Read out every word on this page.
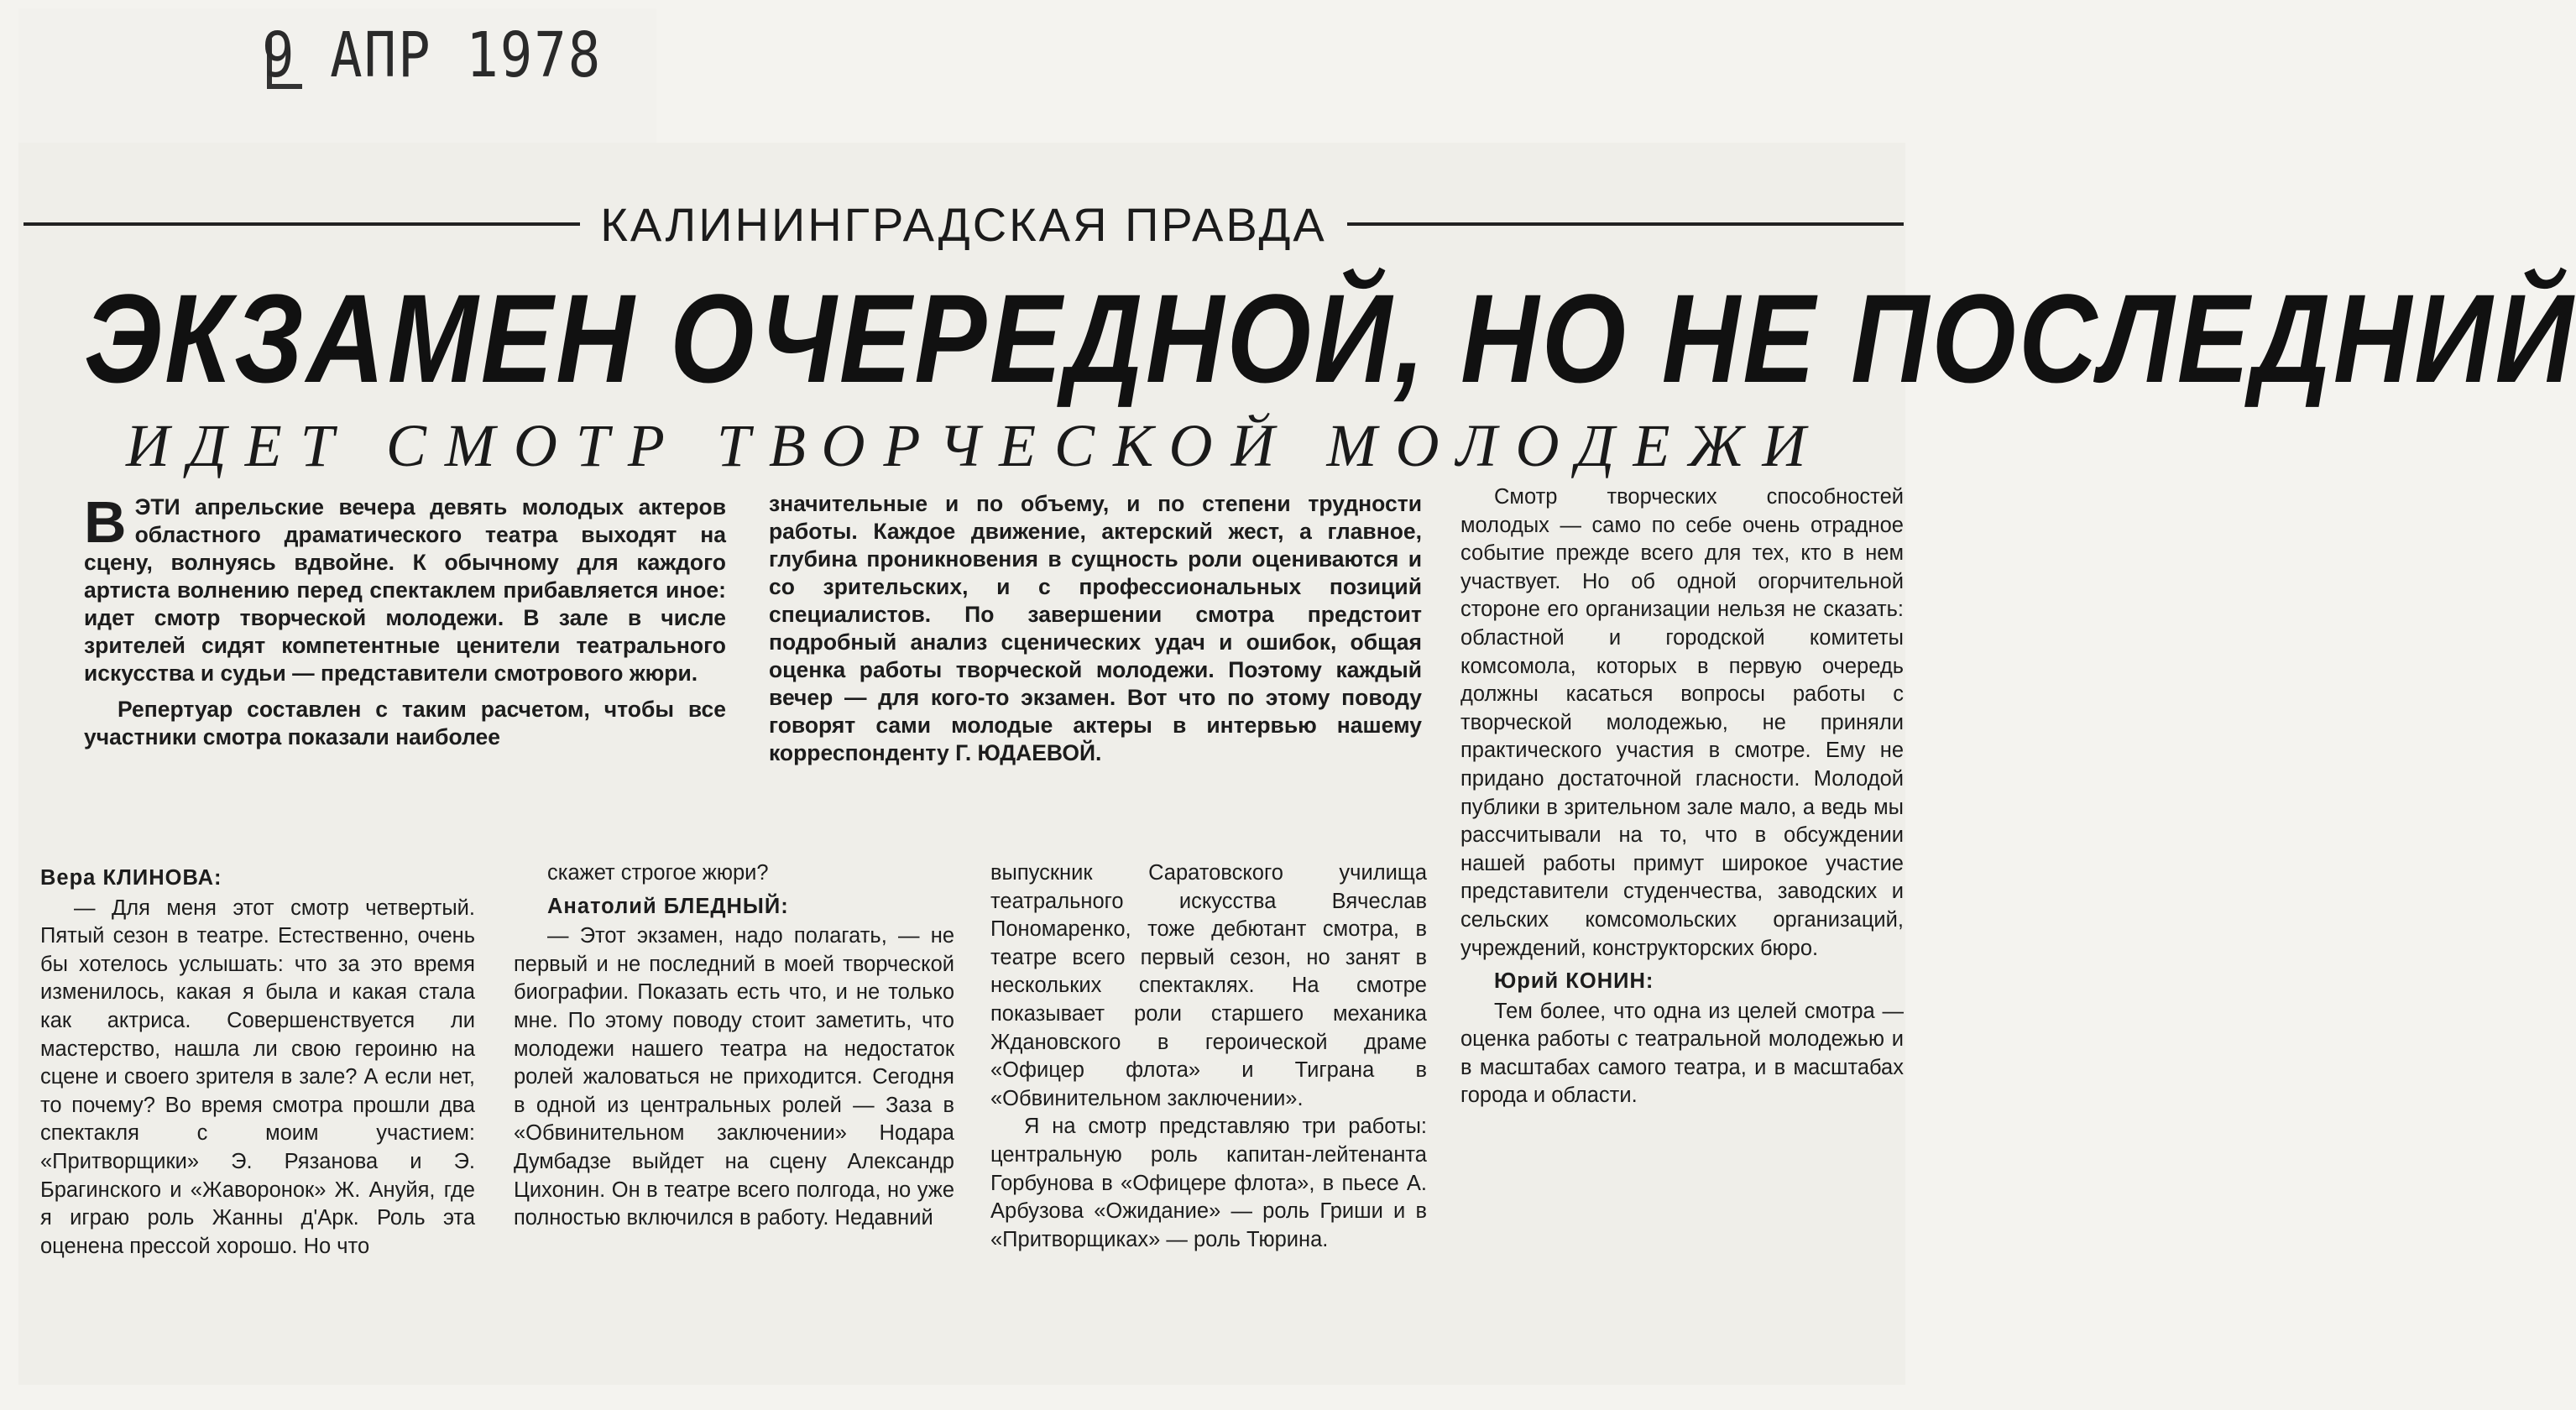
9 АПР 1978
КАЛИНИНГРАДСКАЯ ПРАВДА
ЭКЗАМЕН ОЧЕРЕДНОЙ, НО НЕ ПОСЛЕДНИЙ
ИДЕТ СМОТР ТВОРЧЕСКОЙ МОЛОДЕЖИ

ВЭТИ апрельские вечера девять молодых актеров областного драматического театра выходят на сцену, волнуясь вдвойне. К обычному для каждого артиста волнению перед спектаклем прибавляется иное: идет смотр творческой молодежи. В зале в числе зрителей сидят компетентные ценители театрального искусства и судьи — представители смотрового жюри.

Репертуар составлен с таким расчетом, чтобы все участники смотра показали наиболее

значительные и по объему, и по степени трудности работы. Каждое движение, актерский жест, а главное, глубина проникновения в сущность роли оцениваются и со зрительских, и с профессиональных позиций специалистов. По завершении смотра предстоит подробный анализ сценических удач и ошибок, общая оценка работы творческой молодежи. Поэтому каждый вечер — для кого-то экзамен. Вот что по этому поводу говорят сами молодые актеры в интервью нашему корреспонденту Г. ЮДАЕВОЙ.

Вера КЛИНОВА:

— Для меня этот смотр четвертый. Пятый сезон в театре. Естественно, очень бы хотелось услышать: что за это время изменилось, какая я была и какая стала как актриса. Совершенствуется ли мастерство, нашла ли свою героиню на сцене и своего зрителя в зале? А если нет, то почему? Во время смотра прошли два спектакля с моим участием: «Притворщики» Э. Рязанова и Э. Брагинского и «Жаворонок» Ж. Ануйя, где я играю роль Жанны д'Арк. Роль эта оценена прессой хорошо. Но что

скажет строгое жюри?

Анатолий БЛЕДНЫЙ:

— Этот экзамен, надо полагать, — не первый и не последний в моей творческой биографии. Показать есть что, и не только мне. По этому поводу стоит заметить, что молодежи нашего театра на недостаток ролей жаловаться не приходится. Сегодня в одной из центральных ролей — Заза в «Обвинительном заключении» Нодара Думбадзе выйдет на сцену Александр Цихонин. Он в театре всего полгода, но уже полностью включился в работу. Недавний

выпускник Саратовского училища театрального искусства Вячеслав Пономаренко, тоже дебютант смотра, в театре всего первый сезон, но занят в нескольких спектаклях. На смотре показывает роли старшего механика Ждановского в героической драме «Офицер флота» и Тиграна в «Обвинительном заключении».

Я на смотр представляю три работы: центральную роль капитан-лейтенанта Горбунова в «Офицере флота», в пьесе А. Арбузова «Ожидание» — роль Гриши и в «Притворщиках» — роль Тюрина.

Смотр творческих способностей молодых — само по себе очень отрадное событие прежде всего для тех, кто в нем участвует. Но об одной огорчительной стороне его организации нельзя не сказать: областной и городской комитеты комсомола, которых в первую очередь должны касаться вопросы работы с творческой молодежью, не приняли практического участия в смотре. Ему не придано достаточной гласности. Молодой публики в зрительном зале мало, а ведь мы рассчитывали на то, что в обсуждении нашей работы примут широкое участие представители студенчества, заводских и сельских комсомольских организаций, учреждений, конструкторских бюро.

Юрий КОНИН:

Тем более, что одна из целей смотра — оценка работы с театральной молодежью и в масштабах самого театра, и в масштабах города и области.
